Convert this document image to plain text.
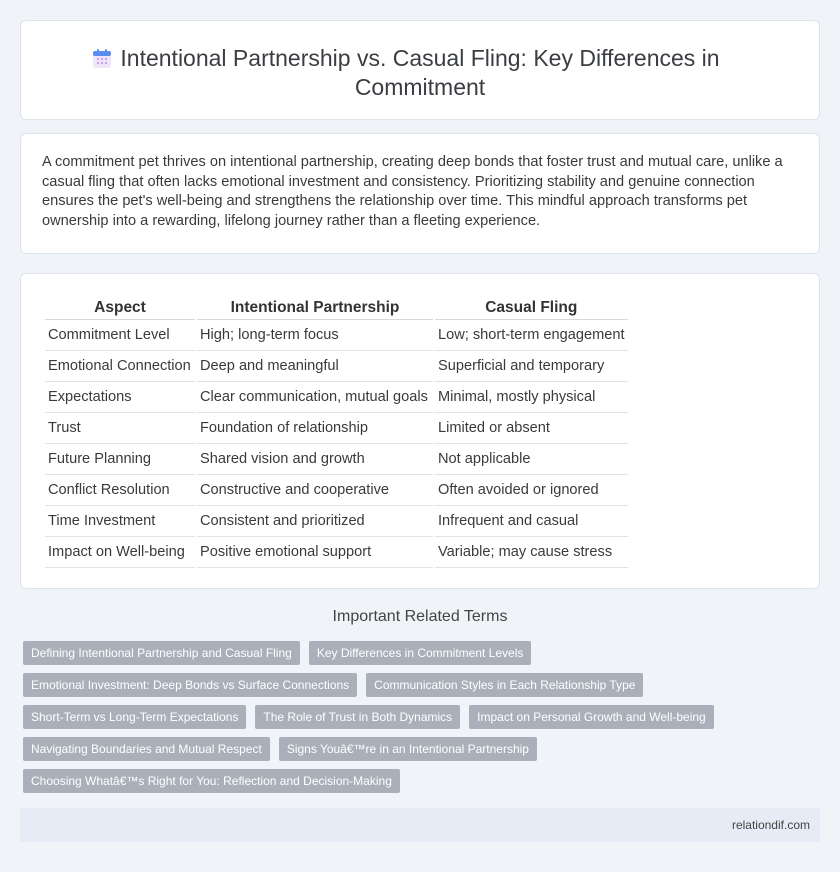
Intentional Partnership vs. Casual Fling: Key Differences in Commitment

A commitment pet thrives on intentional partnership, creating deep bonds that foster trust and mutual care, unlike a casual fling that often lacks emotional investment and consistency. Prioritizing stability and genuine connection ensures the pet's well-being and strengthens the relationship over time. This mindful approach transforms pet ownership into a rewarding, lifelong journey rather than a fleeting experience.

Aspect	Intentional Partnership	Casual Fling
Commitment Level	High; long-term focus	Low; short-term engagement
Emotional Connection	Deep and meaningful	Superficial and temporary
Expectations	Clear communication, mutual goals	Minimal, mostly physical
Trust	Foundation of relationship	Limited or absent
Future Planning	Shared vision and growth	Not applicable
Conflict Resolution	Constructive and cooperative	Often avoided or ignored
Time Investment	Consistent and prioritized	Infrequent and casual
Impact on Well-being	Positive emotional support	Variable; may cause stress
Important Related Terms
Defining Intentional Partnership and Casual Fling	Key Differences in Commitment Levels
Emotional Investment: Deep Bonds vs Surface Connections	Communication Styles in Each Relationship Type
Short-Term vs Long-Term Expectations	The Role of Trust in Both Dynamics	Impact on Personal Growth and Well-being
Navigating Boundaries and Mutual Respect	Signs Youâ€™re in an Intentional Partnership
Choosing Whatâ€™s Right for You: Reflection and Decision-Making
relationdif.com
